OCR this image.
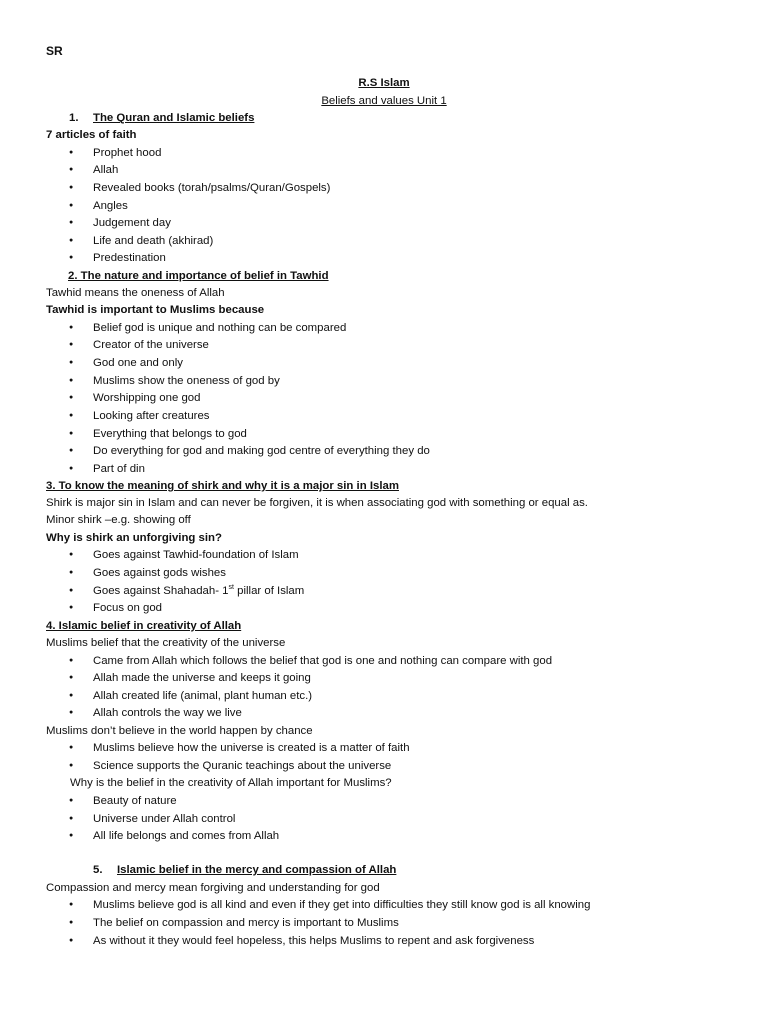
SR
R.S Islam
Beliefs and values Unit 1
1. The Quran and Islamic beliefs
7 articles of faith
● Prophet hood
● Allah
● Revealed books (torah/psalms/Quran/Gospels)
● Angles
● Judgement day
● Life and death (akhirad)
● Predestination
2. The nature and importance of belief in Tawhid
Tawhid means the oneness of Allah
Tawhid is important to Muslims because
● Belief god is unique and nothing can be compared
● Creator of the universe
● God one and only
● Muslims show the oneness of god by
● Worshipping one god
● Looking after creatures
● Everything that belongs to god
● Do everything for god and making god centre of everything they do
● Part of din
3. To know the meaning of shirk and why it is a major sin in Islam
Shirk is major sin in Islam and can never be forgiven, it is when associating god with something or equal as.
Minor shirk –e.g. showing off
Why is shirk an unforgiving sin?
● Goes against Tawhid-foundation of Islam
● Goes against gods wishes
● Goes against Shahadah- 1st pillar of Islam
● Focus on god
4. Islamic belief in creativity of Allah
Muslims belief that the creativity of the universe
● Came from Allah which follows the belief that god is one and nothing can compare with god
● Allah made the universe and keeps it going
● Allah created life (animal, plant human etc.)
● Allah controls the way we live
Muslims don’t believe in the world happen by chance
● Muslims believe how the universe is created is a matter of faith
● Science supports the Quranic teachings about the universe
Why is the belief in the creativity of Allah important for Muslims?
● Beauty of nature
● Universe under Allah control
● All life belongs and comes from Allah
5. Islamic belief in the mercy and compassion of Allah
Compassion and mercy mean forgiving and understanding for god
● Muslims believe god is all kind and even if they get into difficulties they still know god is all knowing
● The belief on compassion and mercy is important to Muslims
● As without it they would feel hopeless, this helps Muslims to repent and ask forgiveness
